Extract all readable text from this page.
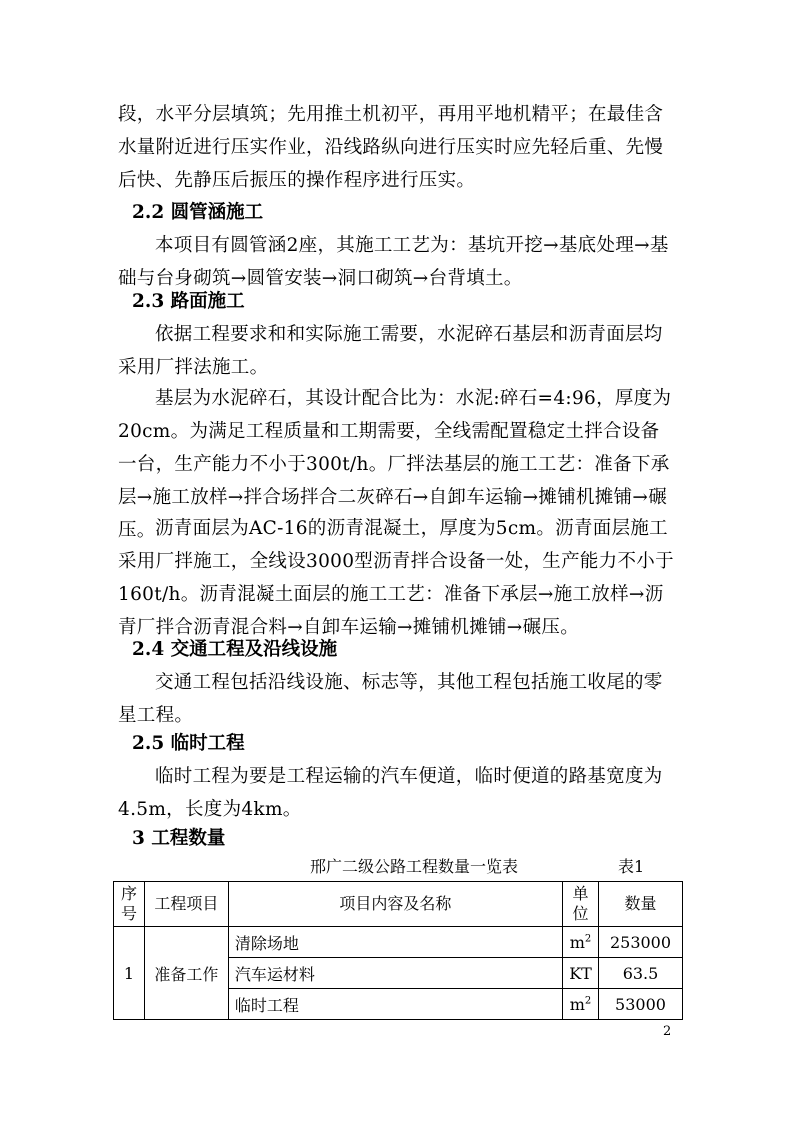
段，水平分层填筑；先用推土机初平，再用平地机精平；在最佳含水量附近进行压实作业，沿线路纵向进行压实时应先轻后重、先慢后快、先静压后振压的操作程序进行压实。

2.2 圆管涵施工

本项目有圆管涵2座，其施工工艺为：基坑开挖→基底处理→基础与台身砌筑→圆管安装→洞口砌筑→台背填土。

2.3 路面施工

依据工程要求和和实际施工需要，水泥碎石基层和沥青面层均采用厂拌法施工。

基层为水泥碎石，其设计配合比为：水泥:碎石=4:96，厚度为20cm。为满足工程质量和工期需要，全线需配置稳定土拌合设备一台，生产能力不小于300t/h。厂拌法基层的施工工艺：准备下承层→施工放样→拌合场拌合二灰碎石→自卸车运输→摊铺机摊铺→碾压。 沥青面层为AC-16的沥青混凝土，厚度为5cm。沥青面层施工采用厂拌施工，全线设3000型沥青拌合设备一处，生产能力不小于160t/h。沥青混凝土面层的施工工艺：准备下承层→施工放样→沥青厂拌合沥青混合料→自卸车运输→摊铺机摊铺→碾压。

2.4 交通工程及沿线设施

交通工程包括沿线设施、标志等，其他工程包括施工收尾的零星工程。

2.5 临时工程

临时工程为要是工程运输的汽车便道，临时便道的路基宽度为4.5m，长度为4km。

3 工程数量

邢广二级公路工程数量一览表	表1
序号	工程项目	项目内容及名称	单位	数量
1	准备工作	清除场地	$m^2$	253000
		汽车运材料	KT	63.5
		临时工程	$m^2$	53000
2
